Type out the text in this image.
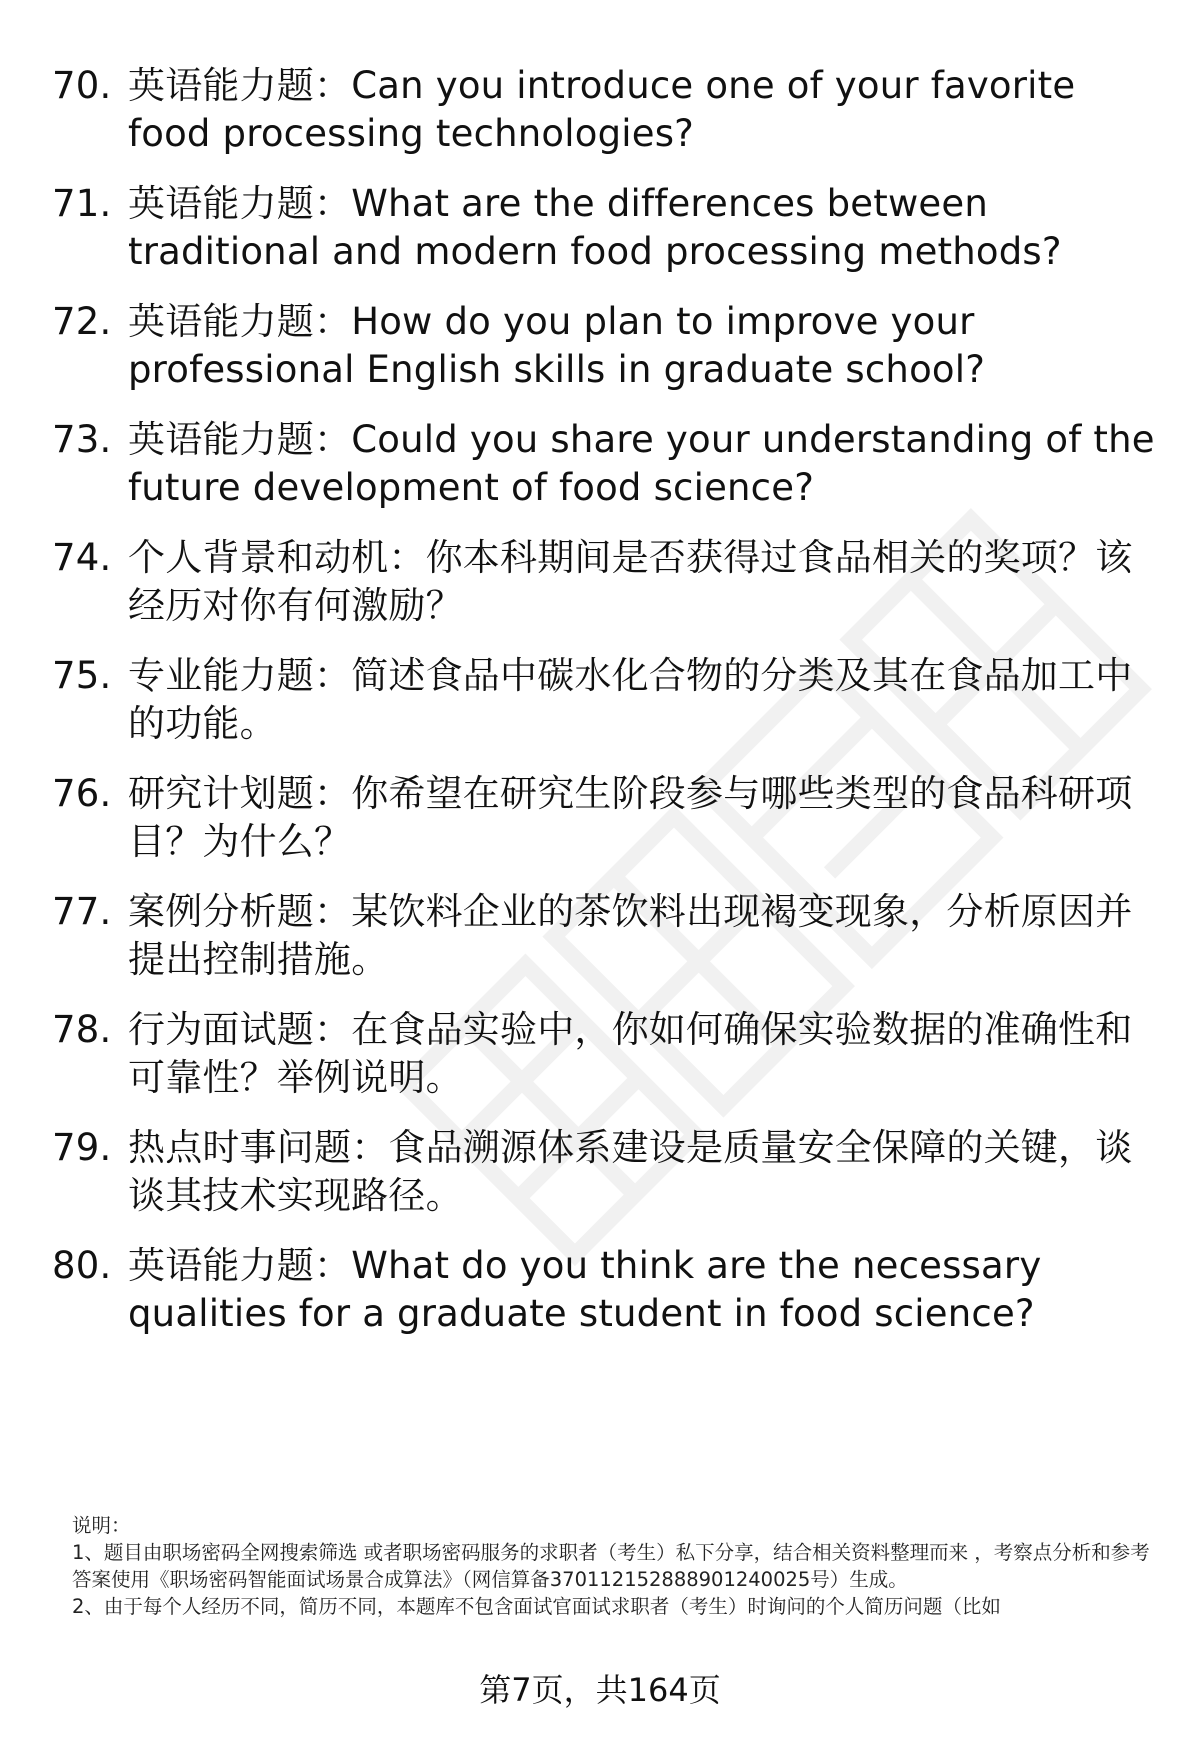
70. 英语能力题：Can you introduce one of your favorite food processing technologies?
71. 英语能力题：What are the differences between traditional and modern food processing methods?
72. 英语能力题：How do you plan to improve your professional English skills in graduate school?
73. 英语能力题：Could you share your understanding of the future development of food science?
74. 个人背景和动机：你本科期间是否获得过食品相关的奖项？该经历对你有何激励？
75. 专业能力题：简述食品中碳水化合物的分类及其在食品加工中的功能。
76. 研究计划题：你希望在研究生阶段参与哪些类型的食品科研项目？为什么？
77. 案例分析题：某饮料企业的茶饮料出现褐变现象，分析原因并提出控制措施。
78. 行为面试题：在食品实验中，你如何确保实验数据的准确性和可靠性？举例说明。
79. 热点时事问题：食品溯源体系建设是质量安全保障的关键，谈谈其技术实现路径。
80. 英语能力题：What do you think are the necessary qualities for a graduate student in food science?

说明：

1、题目由职场密码全网搜索筛选 或者职场密码服务的求职者（考生）私下分享，结合相关资料整理而来 ，考察点分析和参考答案使用《职场密码智能面试场景合成算法》（网信算备370112152888901240025号）生成。

2、由于每个人经历不同，简历不同，本题库不包含面试官面试求职者（考生）时询问的个人简历问题（比如

第7页，共164页
